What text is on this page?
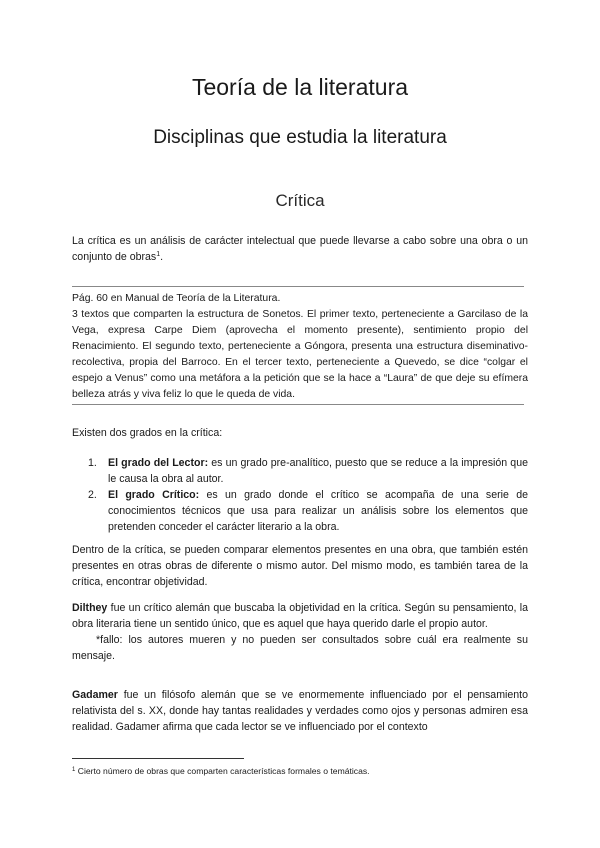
Teoría de la literatura
Disciplinas que estudia la literatura
Crítica

La crítica es un análisis de carácter intelectual que puede llevarse a cabo sobre una obra o un conjunto de obras$^1$.

Pág. 60 en Manual de Teoría de la Literatura.
3 textos que comparten la estructura de Sonetos. El primer texto, perteneciente a Garcilaso de la Vega, expresa Carpe Diem (aprovecha el momento presente), sentimiento propio del Renacimiento. El segundo texto, perteneciente a Góngora, presenta una estructura diseminativo-recolectiva, propia del Barroco. En el tercer texto, perteneciente a Quevedo, se dice “colgar el espejo a Venus” como una metáfora a la petición que se la hace a “Laura” de que deje su efímera belleza atrás y viva feliz lo que le queda de vida.

Existen dos grados en la crítica:

1. El grado del Lector: es un grado pre-analítico, puesto que se reduce a la impresión que le causa la obra al autor.
2. El grado Crítico: es un grado donde el crítico se acompaña de una serie de conocimientos técnicos que usa para realizar un análisis sobre los elementos que pretenden conceder el carácter literario a la obra.

Dentro de la crítica, se pueden comparar elementos presentes en una obra, que también estén presentes en otras obras de diferente o mismo autor. Del mismo modo, es también tarea de la crítica, encontrar objetividad.

Dilthey fue un crítico alemán que buscaba la objetividad en la crítica. Según su pensamiento, la obra literaria tiene un sentido único, que es aquel que haya querido darle el propio autor.
*fallo: los autores mueren y no pueden ser consultados sobre cuál era realmente su mensaje.

Gadamer fue un filósofo alemán que se ve enormemente influenciado por el pensamiento relativista del s. XX, donde hay tantas realidades y verdades como ojos y personas admiren esa realidad. Gadamer afirma que cada lector se ve influenciado por el contexto

$^1$ Cierto número de obras que comparten características formales o temáticas.
